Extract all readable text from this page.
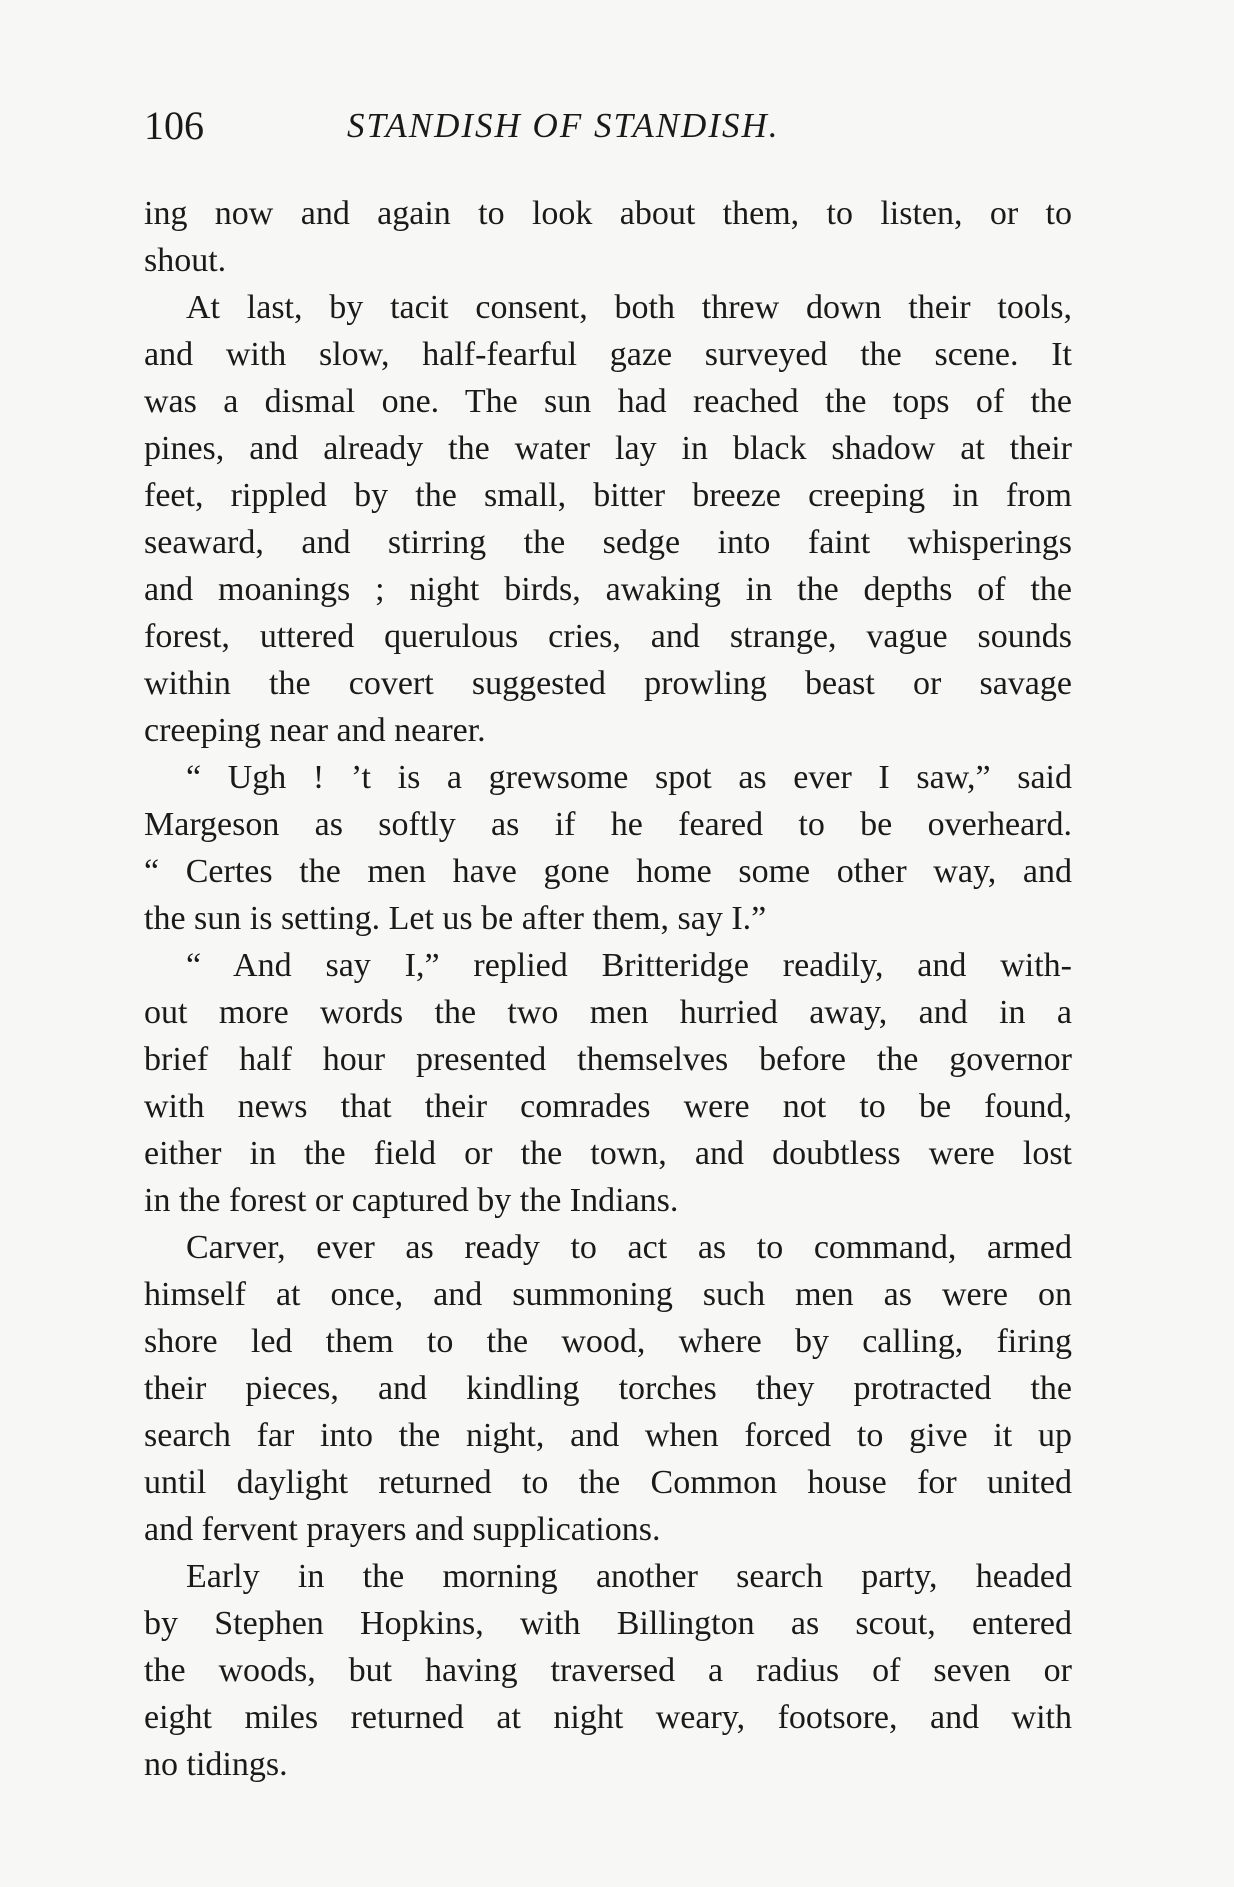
106	STANDISH OF STANDISH.
ing now and again to look about them, to listen, or to
shout.
At last, by tacit consent, both threw down their tools,
and with slow, half-fearful gaze surveyed the scene. It
was a dismal one. The sun had reached the tops of the
pines, and already the water lay in black shadow at their
feet, rippled by the small, bitter breeze creeping in from
seaward, and stirring the sedge into faint whisperings
and moanings ; night birds, awaking in the depths of the
forest, uttered querulous cries, and strange, vague sounds
within the covert suggested prowling beast or savage
creeping near and nearer.
“ Ugh ! ’t is a grewsome spot as ever I saw,” said
Margeson as softly as if he feared to be overheard.
“ Certes the men have gone home some other way, and
the sun is setting. Let us be after them, say I.”
“ And say I,” replied Britteridge readily, and with-
out more words the two men hurried away, and in a
brief half hour presented themselves before the governor
with news that their comrades were not to be found,
either in the field or the town, and doubtless were lost
in the forest or captured by the Indians.
Carver, ever as ready to act as to command, armed
himself at once, and summoning such men as were on
shore led them to the wood, where by calling, firing
their pieces, and kindling torches they protracted the
search far into the night, and when forced to give it up
until daylight returned to the Common house for united
and fervent prayers and supplications.
Early in the morning another search party, headed
by Stephen Hopkins, with Billington as scout, entered
the woods, but having traversed a radius of seven or
eight miles returned at night weary, footsore, and with
no tidings.
